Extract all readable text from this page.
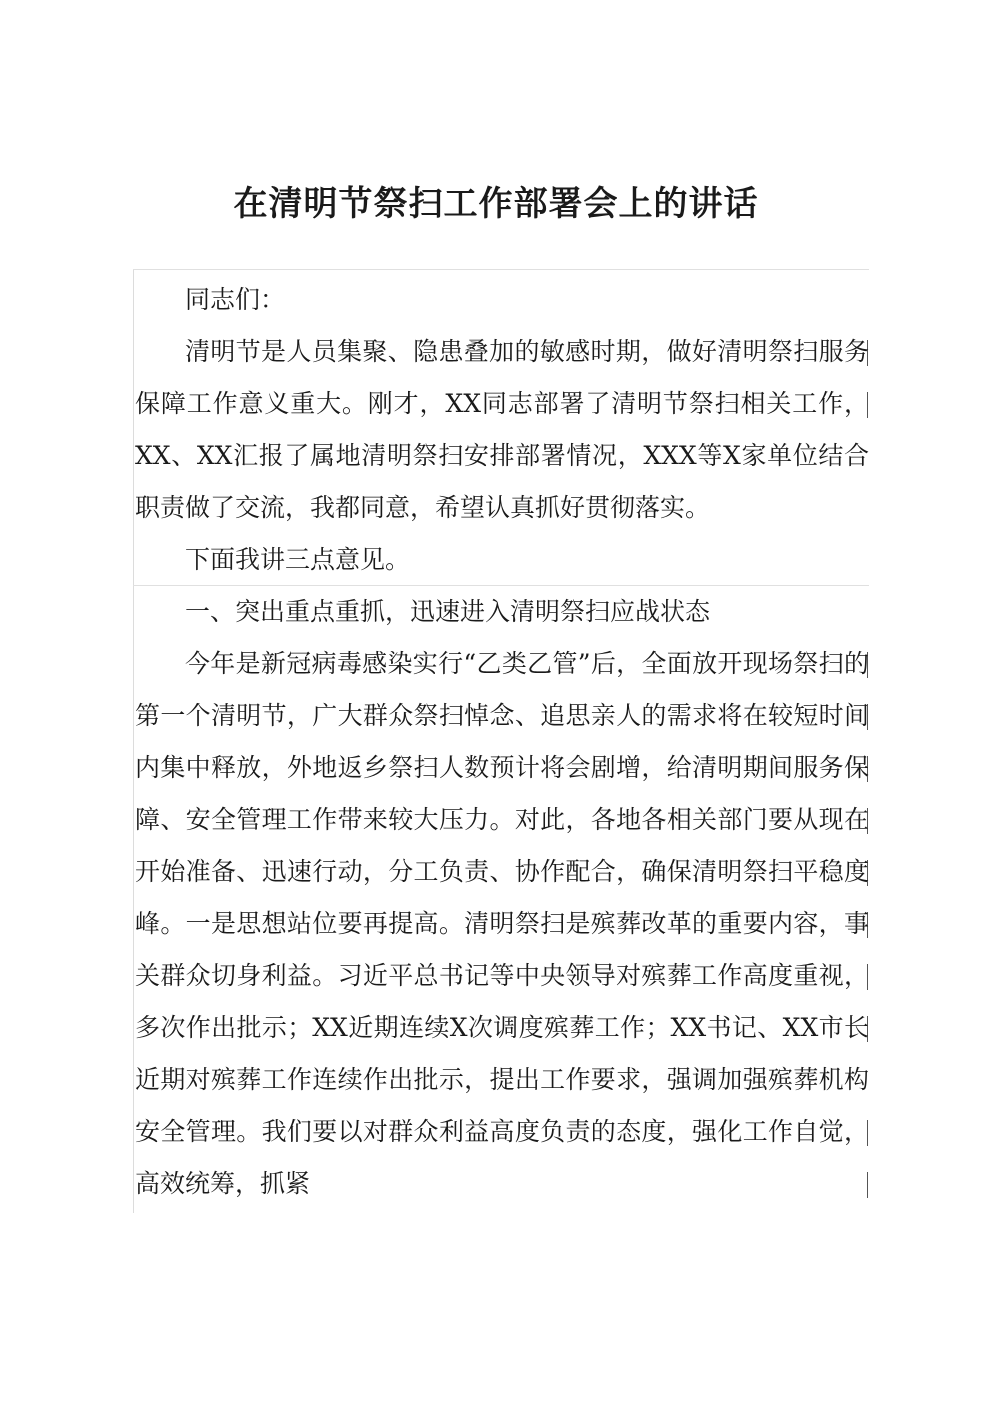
在清明节祭扫工作部署会上的讲话

同志们：

清明节是人员集聚、隐患叠加的敏感时期，做好清明祭扫服务保障工作意义重大。刚才，XX同志部署了清明节祭扫相关工作，XX、XX汇报了属地清明祭扫安排部署情况，XXX等X家单位结合职责做了交流，我都同意，希望认真抓好贯彻落实。

下面我讲三点意见。

一、突出重点重抓，迅速进入清明祭扫应战状态

今年是新冠病毒感染实行“乙类乙管”后，全面放开现场祭扫的第一个清明节，广大群众祭扫悼念、追思亲人的需求将在较短时间内集中释放，外地返乡祭扫人数预计将会剧增，给清明期间服务保障、安全管理工作带来较大压力。对此，各地各相关部门要从现在开始准备、迅速行动，分工负责、协作配合，确保清明祭扫平稳度峰。一是思想站位要再提高。清明祭扫是殡葬改革的重要内容，事关群众切身利益。习近平总书记等中央领导对殡葬工作高度重视，多次作出批示；XX近期连续X次调度殡葬工作；XX书记、XX市长近期对殡葬工作连续作出批示，提出工作要求，强调加强殡葬机构安全管理。我们要以对群众利益高度负责的态度，强化工作自觉，高效统筹，抓紧
